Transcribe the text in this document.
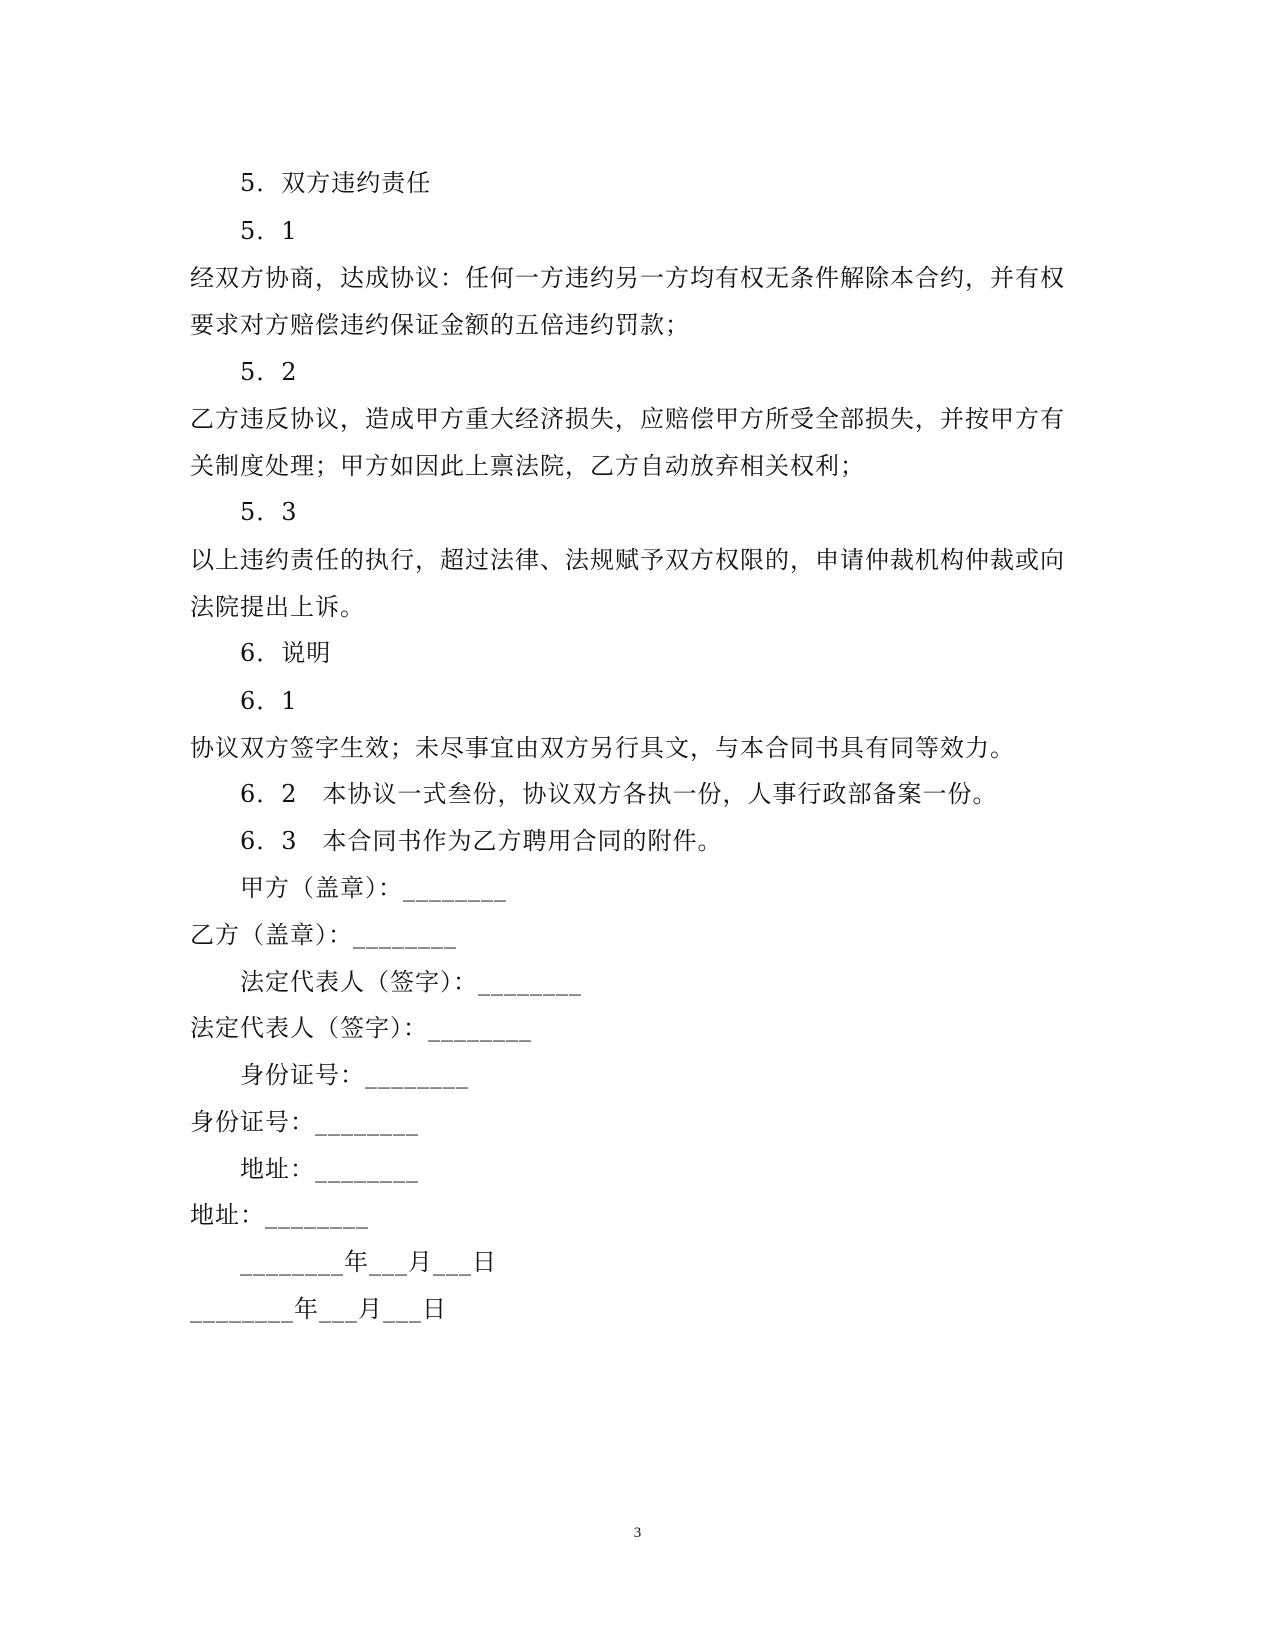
5．双方违约责任
5．1
经双方协商，达成协议：任何一方违约另一方均有权无条件解除本合约，并有权
要求对方赔偿违约保证金额的五倍违约罚款；
5．2
乙方违反协议，造成甲方重大经济损失，应赔偿甲方所受全部损失，并按甲方有
关制度处理；甲方如因此上禀法院，乙方自动放弃相关权利；
5．3
以上违约责任的执行，超过法律、法规赋予双方权限的，申请仲裁机构仲裁或向
法院提出上诉。
6．说明
6．1
协议双方签字生效；未尽事宜由双方另行具文，与本合同书具有同等效力。
6．2　本协议一式叁份，协议双方各执一份，人事行政部备案一份。
6．3　本合同书作为乙方聘用合同的附件。
甲方（盖章）：________
乙方（盖章）：________
法定代表人（签字）：________
法定代表人（签字）：________
身份证号：________
身份证号：________
地址：________
地址：________
________年___月___日
________年___月___日
3
